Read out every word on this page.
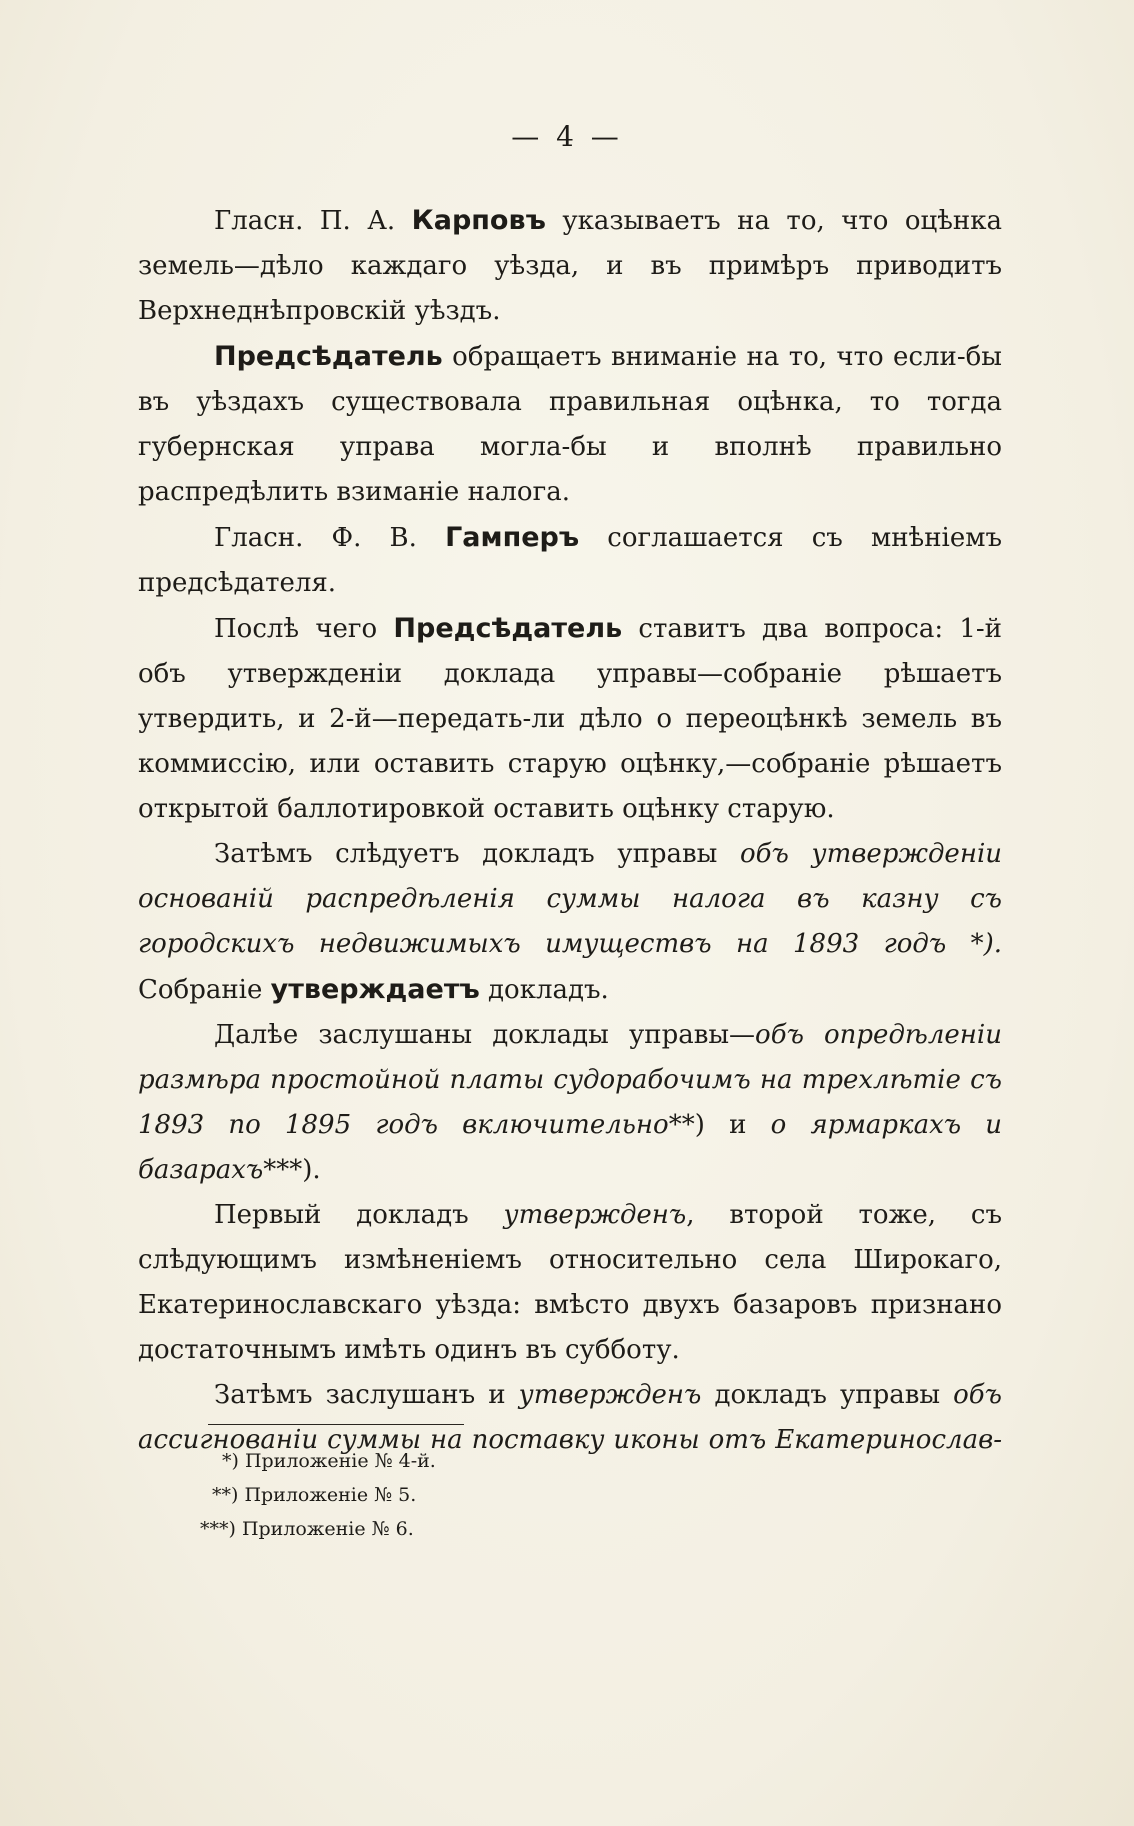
— 4 —

Гласн. П. А. Карповъ указываетъ на то, что оцѣнка земель—дѣло каждаго уѣзда, и въ примѣръ приводитъ Верхнеднѣпровскій уѣздъ.

Предсѣдатель обращаетъ вниманіе на то, что если-бы въ уѣздахъ существовала правильная оцѣнка, то тогда губернская управа могла-бы и вполнѣ правильно распредѣлить взиманіе налога.

Гласн. Ф. В. Гамперъ соглашается съ мнѣніемъ предсѣдателя.

Послѣ чего Предсѣдатель ставитъ два вопроса: 1-й объ утвержденіи доклада управы—собраніе рѣшаетъ утвердить, и 2-й—передать-ли дѣло о переоцѣнкѣ земель въ коммиссію, или оставить старую оцѣнку,—собраніе рѣшаетъ открытой баллотировкой оставить оцѣнку старую.

Затѣмъ слѣдуетъ докладъ управы объ утвержденіи основаній распредѣленія суммы налога въ казну съ городскихъ недвижимыхъ имуществъ на 1893 годъ *). Собраніе утверждаетъ докладъ.

Далѣе заслушаны доклады управы—объ опредѣленіи размѣра простойной платы судорабочимъ на трехлѣтіе съ 1893 по 1895 годъ включительно**) и о ярмаркахъ и базарахъ***).

Первый докладъ утвержденъ, второй тоже, съ слѣдующимъ измѣненіемъ относительно села Широкаго, Екатеринославскаго уѣзда: вмѣсто двухъ базаровъ признано достаточнымъ имѣть одинъ въ субботу.

Затѣмъ заслушанъ и утвержденъ докладъ управы объ ассигнованіи суммы на поставку иконы отъ Екатеринослав-

*) Приложеніе № 4-й.
**) Приложеніе № 5.
***) Приложеніе № 6.
